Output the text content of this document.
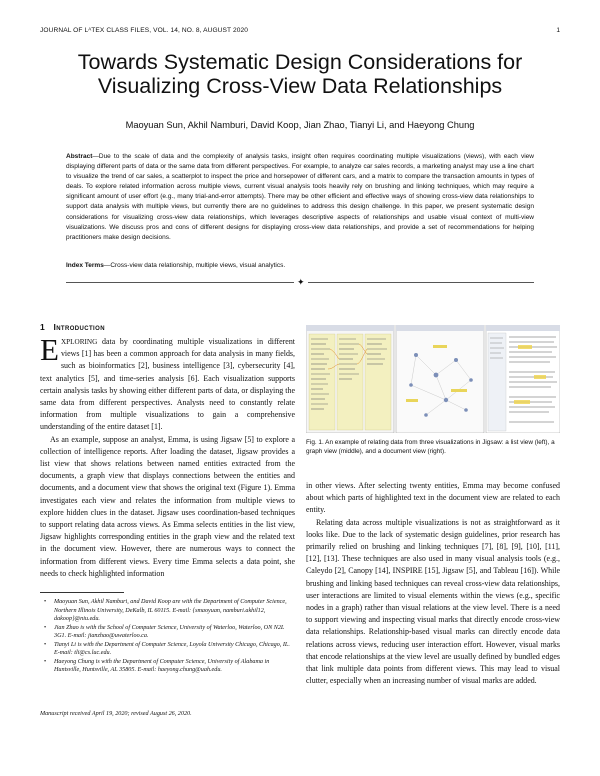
JOURNAL OF LᴬTEX CLASS FILES, VOL. 14, NO. 8, AUGUST 2020	1
Towards Systematic Design Considerations for Visualizing Cross-View Data Relationships
Maoyuan Sun, Akhil Namburi, David Koop, Jian Zhao, Tianyi Li, and Haeyong Chung
Abstract—Due to the scale of data and the complexity of analysis tasks, insight often requires coordinating multiple visualizations (views), with each view displaying different parts of data or the same data from different perspectives. For example, to analyze car sales records, a marketing analyst may use a line chart to visualize the trend of car sales, a scatterplot to inspect the price and horsepower of different cars, and a matrix to compare the transaction amounts in types of deals. To explore related information across multiple views, current visual analysis tools heavily rely on brushing and linking techniques, which may require a significant amount of user effort (e.g., many trial-and-error attempts). There may be other efficient and effective ways of showing cross-view data relationships to support data analysis with multiple views, but currently there are no guidelines to address this design challenge. In this paper, we present systematic design considerations for visualizing cross-view data relationships, which leverages descriptive aspects of relationships and usable visual context of multi-view visualizations. We discuss pros and cons of different designs for displaying cross-view data relationships, and provide a set of recommendations for helping practitioners make design decisions.
Index Terms—Cross-view data relationship, multiple views, visual analytics.
✦
1 Introduction

EXPLORING data by coordinating multiple visualizations in different views [1] has been a common approach for data analysis in many fields, such as bioinformatics [2], business intelligence [3], cybersecurity [4], text analytics [5], and time-series analysis [6]. Each visualization supports certain analysis tasks by showing either different parts of data, or displaying the same data from different perspectives. Analysts need to constantly relate information from multiple visualizations to gain a comprehensive understanding of the entire dataset [1].

As an example, suppose an analyst, Emma, is using Jigsaw [5] to explore a collection of intelligence reports. After loading the dataset, Jigsaw provides a list view that shows relations between named entities extracted from the documents, a graph view that displays connections between the entities and documents, and a document view that shows the original text (Figure 1). Emma investigates each view and relates the information from multiple views to explore hidden clues in the dataset. Jigsaw uses coordination-based techniques to support relating data across views. As Emma selects entities in the list view, Jigsaw highlights corresponding entities in the graph view and the related text in the document view. However, there are numerous ways to connect the information from different views. Every time Emma selects a data point, she needs to check highlighted information

Fig. 1. An example of relating data from three visualizations in Jigsaw: a list view (left), a graph view (middle), and a document view (right).

in other views. After selecting twenty entities, Emma may become confused about which parts of highlighted text in the document view are related to each entity.

Relating data across multiple visualizations is not as straightforward as it looks like. Due to the lack of systematic design guidelines, prior research has primarily relied on brushing and linking techniques [7], [8], [9], [10], [11], [12], [13]. These techniques are also used in many visual analysis tools (e.g., Caleydo [2], Canopy [14], INSPIRE [15], Jigsaw [5], and Tableau [16]). While brushing and linking based techniques can reveal cross-view data relationships, user interactions are limited to visual elements within the views (e.g., specific nodes in a graph) rather than visual relations at the view level. There is a need to support viewing and inspecting visual marks that directly encode cross-view data relationships. Relationship-based visual marks can directly encode data relations across views, reducing user interaction effort. However, visual marks that encode relationships at the view level are usually defined by bundled edges that link multiple data points from different views. This may lead to visual clutter, especially when an increasing number of visual marks are added.

• Maoyuan Sun, Akhil Namburi, and David Koop are with the Department of Computer Science, Northern Illinois University, DeKalb, IL 60115. E-mail: {smaoyuan, namburi.akhil12, dakoop}@niu.edu.
• Jian Zhao is with the School of Computer Science, University of Waterloo, Waterloo, ON N2L 3G1. E-mail: jianzhao@uwaterloo.ca.
• Tianyi Li is with the Department of Computer Science, Loyola University Chicago, Chicago, IL. E-mail: tli@cs.luc.edu.
• Haeyong Chung is with the Department of Computer Science, University of Alabama in Huntsville, Huntsville, AL 35805. E-mail: haeyong.chung@uah.edu.
Manuscript received April 19, 2020; revised August 26, 2020.
